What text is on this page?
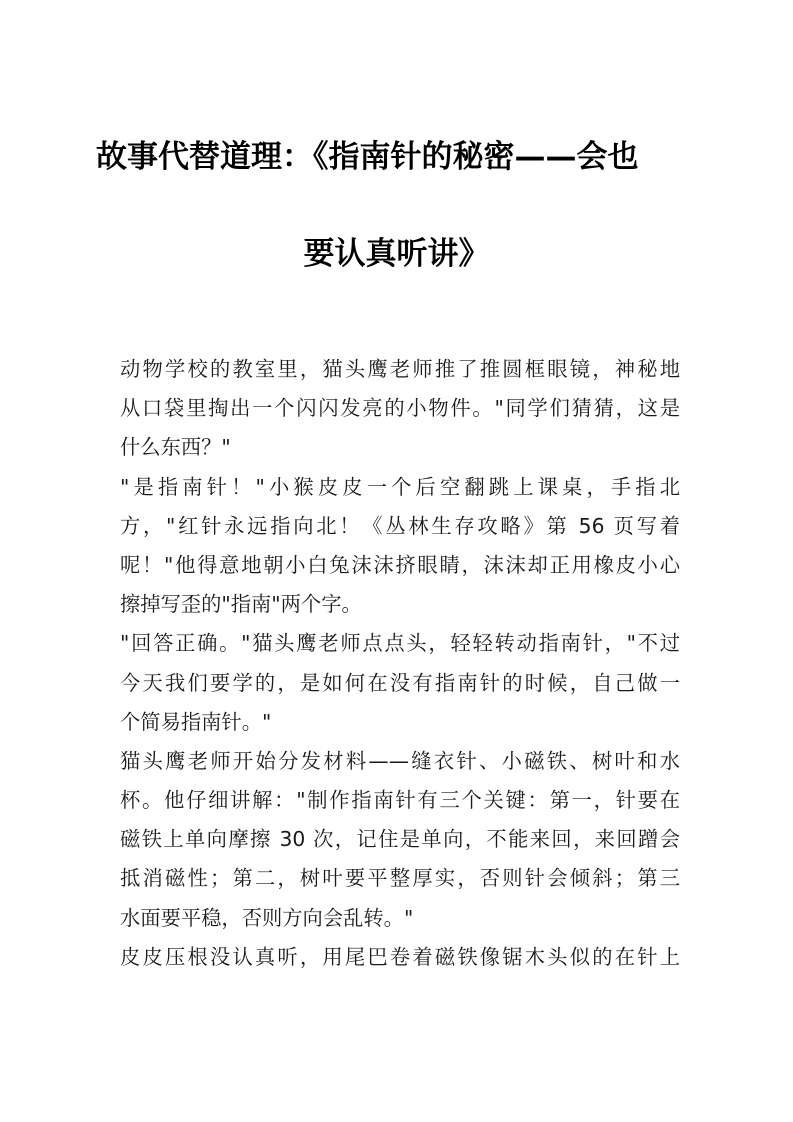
故事代替道理：《指南针的秘密——会也
要认真听讲》
动物学校的教室里，猫头鹰老师推了推圆框眼镜，神秘地
从口袋里掏出一个闪闪发亮的小物件。"同学们猜猜，这是
什么东西？"
"是指南针！"小猴皮皮一个后空翻跳上课桌，手指北
方，"红针永远指向北！《丛林生存攻略》第 56 页写着
呢！"他得意地朝小白兔沫沫挤眼睛，沫沫却正用橡皮小心
擦掉写歪的"指南"两个字。
"回答正确。"猫头鹰老师点点头，轻轻转动指南针，"不过
今天我们要学的，是如何在没有指南针的时候，自己做一
个简易指南针。"
猫头鹰老师开始分发材料——缝衣针、小磁铁、树叶和水
杯。他仔细讲解："制作指南针有三个关键：第一，针要在
磁铁上单向摩擦 30 次，记住是单向，不能来回，来回蹭会
抵消磁性；第二，树叶要平整厚实，否则针会倾斜；第三
水面要平稳，否则方向会乱转。"
皮皮压根没认真听，用尾巴卷着磁铁像锯木头似的在针上
